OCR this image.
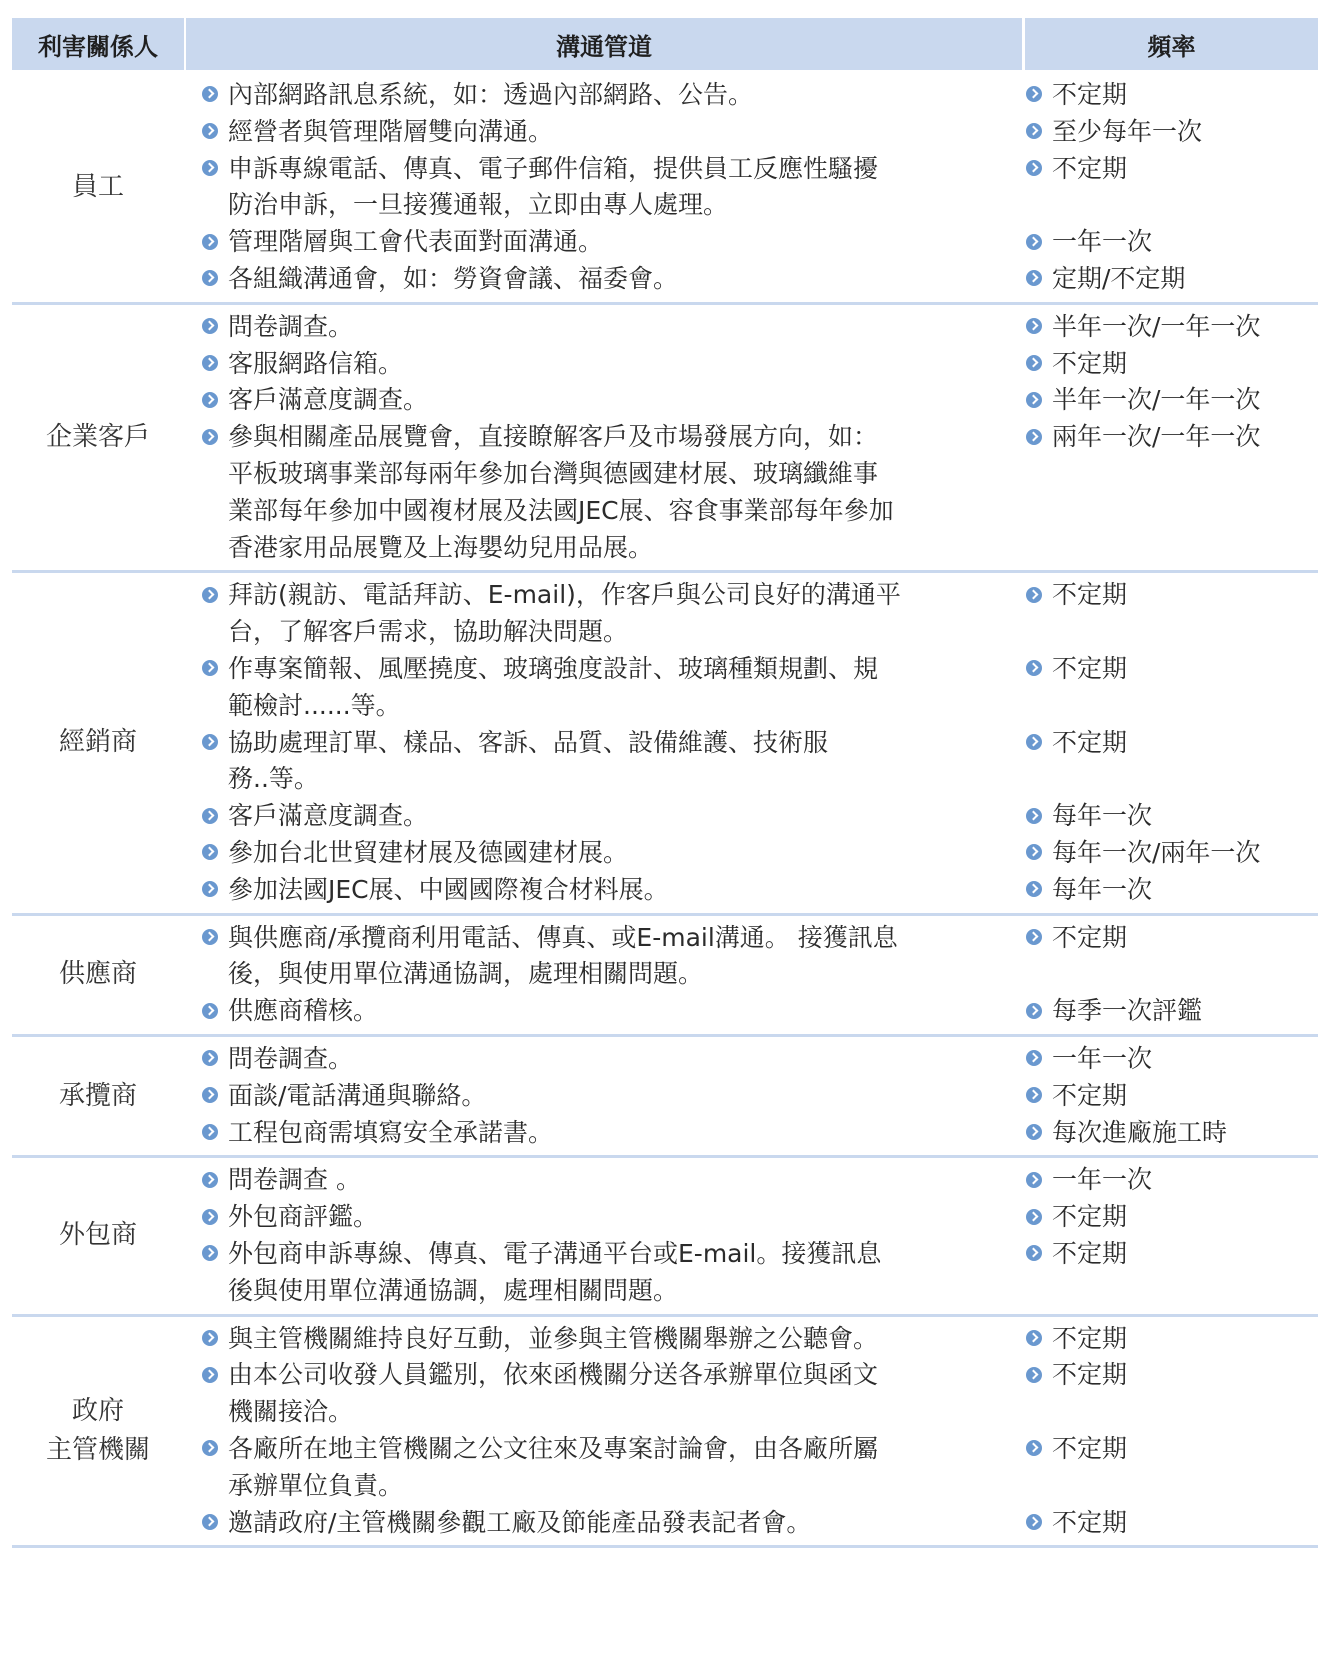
利害關係人	溝通管道	頻率
員工
不定期
內部網路訊息系統，如：透過內部網路、公告。
至少每年一次
經營者與管理階層雙向溝通。
不定期
申訴專線電話、傳真、電子郵件信箱，提供員工反應性騷擾
防治申訴，一旦接獲通報，立即由專人處理。
一年一次
管理階層與工會代表面對面溝通。
定期/不定期
各組織溝通會，如：勞資會議、福委會。
企業客戶
半年一次/一年一次
問卷調查。
不定期
客服網路信箱。
半年一次/一年一次
客戶滿意度調查。
兩年一次/一年一次
參與相關產品展覽會，直接瞭解客戶及市場發展方向，如：
平板玻璃事業部每兩年參加台灣與德國建材展、玻璃纖維事
業部每年參加中國複材展及法國JEC展、容食事業部每年參加
香港家用品展覽及上海嬰幼兒用品展。
經銷商
不定期
拜訪(親訪、電話拜訪、E-mail)，作客戶與公司良好的溝通平
台，了解客戶需求，協助解決問題。
不定期
作專案簡報、風壓撓度、玻璃強度設計、玻璃種類規劃、規
範檢討......等。
不定期
協助處理訂單、樣品、客訴、品質、設備維護、技術服
務..等。
每年一次
客戶滿意度調查。
每年一次/兩年一次
參加台北世貿建材展及德國建材展。
每年一次
參加法國JEC展、中國國際複合材料展。
供應商
不定期
與供應商/承攬商利用電話、傳真、或E-mail溝通。 接獲訊息
後，與使用單位溝通協調，處理相關問題。
每季一次評鑑
供應商稽核。
承攬商
一年一次
問卷調查。
不定期
面談/電話溝通與聯絡。
每次進廠施工時
工程包商需填寫安全承諾書。
外包商
一年一次
問卷調查 。
不定期
外包商評鑑。
不定期
外包商申訴專線、傳真、電子溝通平台或E-mail。接獲訊息
後與使用單位溝通協調，處理相關問題。
政府
主管機關
不定期
與主管機關維持良好互動，並參與主管機關舉辦之公聽會。
不定期
由本公司收發人員鑑別，依來函機關分送各承辦單位與函文
機關接洽。
不定期
各廠所在地主管機關之公文往來及專案討論會，由各廠所屬
承辦單位負責。
不定期
邀請政府/主管機關參觀工廠及節能產品發表記者會。
